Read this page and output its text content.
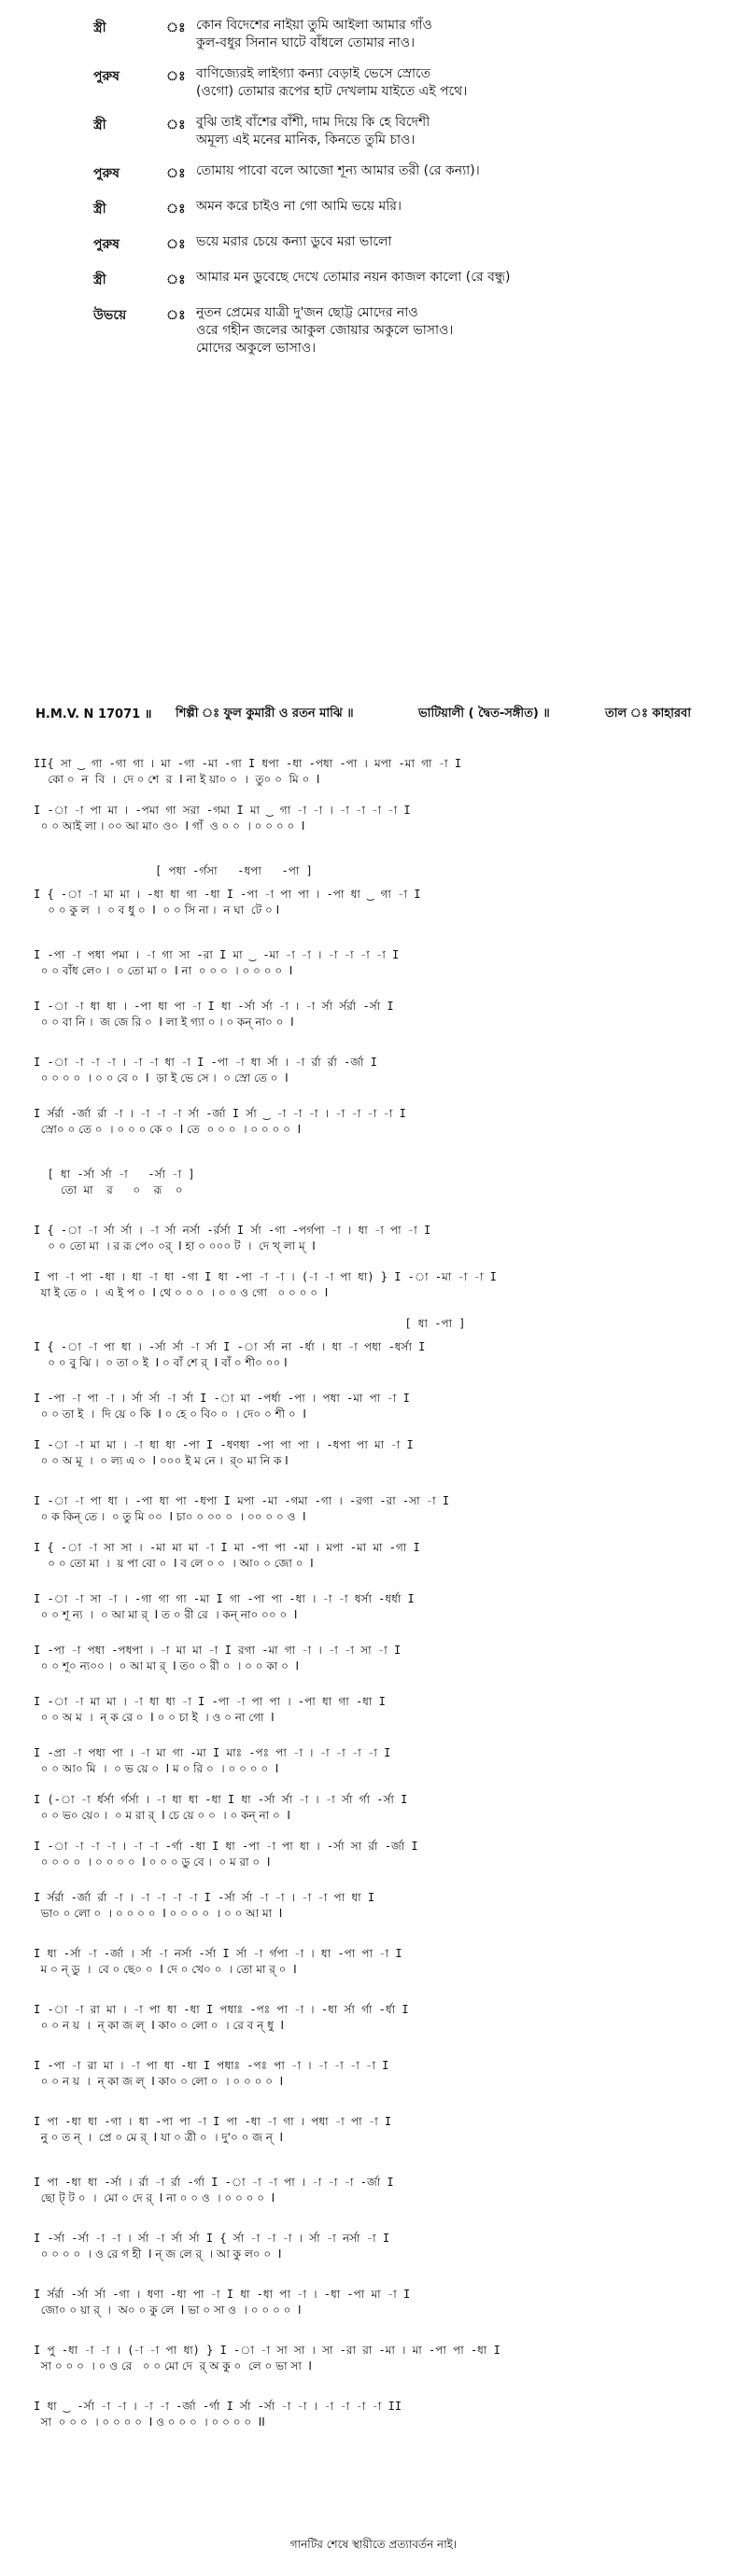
স্ত্রী	ঃ কোন বিদেশের নাইয়া তুমি আইলা আমার গাঁও
কুল-বধুর সিনান ঘাটে বাঁধলে তোমার নাও।
পুরুষ	ঃ বাণিজ্যেরই লাইগ্যা কন্যা বেড়াই ভেসে স্রোতে
(ওগো) তোমার রূপের হাট দেখলাম যাইতে এই পথে।
স্ত্রী	ঃ বুঝি তাই বাঁশের বাঁশী, দাম দিয়ে কি হে বিদেশী
অমূল্য এই মনের মানিক, কিনতে তুমি চাও।
পুরুষ	ঃ তোমায় পাবো বলে আজো শূন্য আমার তরী (রে কন্যা)।
স্ত্রী	ঃ অমন করে চাইও না গো আমি ভয়ে মরি।
পুরুষ	ঃ ভয়ে মরার চেয়ে কন্যা ডুবে মরা ভালো
স্ত্রী	ঃ আমার মন ডুবেছে দেখে তোমার নয়ন কাজল কালো (রে বন্ধু)
উভয়ে	ঃ নুতন প্রেমের যাত্রী দু'জন ছোট্ট মোদের নাও
ওরে গহীন জলের আকুল জোয়ার অকুলে ভাসাও।
মোদের অকুলে ভাসাও।
H.M.V. N 17071 ॥	শিল্পী ঃ ফুল কুমারী ও রতন মাঝি ॥	ভাটিয়ালী ( দ্বৈত-সঙ্গীত) ॥	তাল ঃ কাহারবা
II{ সা ‿ গা -গা গা । মা -গা -মা -গা I ধপা -ধা -পধা -পা । মপা -মা গা -া I
কো ০  ন  বি  ।  দে ০ শে  র  I না ই য়া০ ০  ।  তু০ ০  মি ০  I
I -া -া পা মা । -পমা গা সরা -গমা I মা ‿ গা -া -া । -া -া -া -া I
০ ০ আই লা । ০০ আ মা০ ও০  I গাঁ  ও ০ ০  । ০ ০ ০ ০  I
[ পধা -র্গসা   -ধপা   -পা ]
I { -া -া মা মা । -ধা ধা গা -ধা I -পা -া পা পা । -পা ধা ‿ গা -া I
০ ০ কু ল  ।  ০ ব ধু ০  I  ০ ০ সি না ।  ন ঘা  টে ০ I
I -পা -া পধা পমা । -া গা সা -রা I মা ‿ -মা -া -া । -া -া -া -া I
০ ০ বাঁধ লে০ ।  ০ তো মা ০  I না  ০ ০ ০  । ০ ০ ০ ০  I
I -া -া ধা ধা । -পা ধা পা -া I ধা -র্সা র্সা -া । -া র্সা র্সর্রা -র্সা I
০ ০ বা নি ।  জ জে রি ০  I লা ই গ্যা ০ । ০ কন্ না০ ০  I
I -া -া -া -া । -া -া ধা -া I -পা -া ধা র্সা । -া র্রা র্রা -র্জা I
০ ০ ০ ০  । ০ ০ বে ০  I  ড়া ই ভে সে ।  ০ স্রো তে ০  I
I র্সর্রা -র্জা র্রা -া । -া -া -া র্সা -র্জা I র্সা ‿ -া -া -া । -া -া -া -া I
স্রো০ ০ তে ০  । ০ ০ ০ কে ০  I তে  ০ ০ ০  । ০ ০ ০ ০  I
[ ধা -র্সা র্সা -া   -র্সা -া ]
তো মা  র   ০  রূ  ০
I { -া -া র্সা র্সা । -া র্সা নর্সা -র্রর্সা I র্সা -গা -পর্গপা -া । ধা -া পা -া I
০ ০ তো মা  । র রূ পে০ ০র্  I হা ০ ০০০ ট  ।  দে খ্ লা ম্  I
I পা -া পা -ধা । ধা -া ধা -গা I ধা -পা -া -া । (-া -া পা ধা) } I -া -মা -া -া I
যা ই তে ০  ।  এ ই প ০  I থে ০ ০ ০  । ০ ০ ও গো   ০ ০ ০ ০  I
[ ধা -পা ]
I { -া -া পা ধা । -র্সা র্সা -া র্সা I -া র্সা না -র্ধা । ধা -া পধা -ধর্সা I
০ ০ বু ঝি ।  ০ তা ০ ই  I ০ বাঁ শে র্  I বাঁ ০ শী০ ০০ I
I -পা -া পা -া । র্সা র্সা -া র্সা I -া মা -পর্ধা -পা । পধা -মা পা -া I
০ ০ তা ই  ।  দি য়ে ০ কি  I ০ হে ০ বি০ ০  । দে০ ০ শী ০  I
I -া -া মা মা । -া ধা ধা -পা I -ধণধা -পা পা পা । -ধপা পা মা -া I
০ ০ অ মূ  ।  ০ ল্য এ ০  I ০০০ ই ম নে ।  র্০ মা নি ক I
I -া -া পা ধা । -পা ধা পা -ধপা I মপা -মা -গমা -গা । -রগা -রা -সা -া I
০ ক কিন্ তে ।  ০ তু মি ০০  I চা০ ০ ০০ ০  । ০০ ০ ০ ও  I
I { -া -া সা সা । -মা মা মা -া I মা -পা পা -মা । মপা -মা মা -গা I
০ ০ তো মা  ।  য় পা বো ০  I ব লে ০ ০  । আ০ ০ জো ০  I
I -া -া সা -া । -গা গা গা -মা I গা -পা পা -ধা । -া -া ধর্সা -ধর্ধা I
০ ০ শূ ন্য  ।  ০ আ মা র্  I ত ০ রী রে  । কন্ না০ ০০ ০  I
I -পা -া পধা -পধপা । -া মা মা -া I রগা -মা গা -া । -া -া সা -া I
০ ০ শূ০ ন্য০০ ।  ০ আ মা র্  I ত০ ০ রী ০  । ০ ০ কা ০  I
I -া -া মা মা । -া ধা ধা -া I -পা -া পা পা । -পা ধা গা -ধা I
০ ০ অ ম  ।  ন্ ক রে ০  I ০ ০ চা ই  । ও ০ না গো  I
I -প্রা -া পধা পা । -া মা গা -মা I মাঃ -পঃ পা -া । -া -া -া -া I
০ ০ আ০ মি  ।  ০ ভ য়ে ০  I ম ০ রি ০  । ০ ০ ০ ০  I
I (-া -া র্ধর্সা র্গর্সা । -া ধা ধা -ধা I ধা -র্সা র্সা -া । -া র্সা র্গা -র্সা I
০ ০ ভ০ য়ে০ ।  ০ ম রা র্  I চে য়ে ০ ০  । ০ কন্ না ০  I
I -া -া -া -া । -া -া -র্গা -ধা I ধা -পা -া পা ধা । -র্সা সা র্রা -র্জা I
০ ০ ০ ০  । ০ ০ ০ ০  I ০ ০ ০ ডু বে ।  ০ ম রা ০  I
I র্সর্রা -র্জা র্রা -া । -া -া -া -া I -র্সা র্সা -া -া । -া -া পা ধা I
ভা০ ০ লো ০  । ০ ০ ০ ০  I ০ ০ ০ ০  । ০ ০ আ মা  I
I ধা -র্সা -া -র্জা । র্সা -া নর্সা -র্সা I র্সা -া র্গপা -া । ধা -পা পা -া I
ম ০ ন্ ডু  ।  বে ০ ছে০ ০  I দে ০ খে০ ০  । তো মা র্ ০  I
I -া -া রা মা । -া পা ধা -ধা I পধাঃ -পঃ পা -া । -ধা র্সা র্গা -র্ধা I
০ ০ ন য়  ।  ন্ কা জ ল্  I কা০ ০ লো ০  । রে ব ন্ ধু  I
I -পা -া রা মা । -া পা ধা -ধা I পধাঃ -পঃ পা -া । -া -া -া -া I
০ ০ ন য়  ।  ন্ কা জ ল্  I কা০ ০ লো ০  । ০ ০ ০ ০  I
I পা -ধা ধা -গা । ধা -পা পা -া I পা -ধা -া গা । পধা -া পা -া I
নু ০ ত ন্  ।  প্রে ০ মে র্  I যা ০ ত্রী ০  । দু'০ ০ জ ন্  I
I পা -ধা ধা -র্সা । র্রা -া র্রা -র্গা I -া -া -া পা । -া -া -া -র্জা I
ছো ট্ ট ০  ।  মো ০ দে র্  I না ০ ০ ও  । ০ ০ ০ ০  I
I -র্সা -র্সা -া -া । র্সা -া র্সা র্সা I { র্সা -া -া -া । র্সা -া নর্সা -া I
০ ০ ০ ০  । ও রে গ হী  I ন্ জ লে র্  । আ কু ল০ ০  I
I র্সর্রা -র্সা র্সা -গা । ধণা -ধা পা -া I ধা -ধা পা -া । -ধা -পা মা -া I
জো০ ০ য়া র্  ।  অ০ ০ কু লে  I ভা ০ সা ও  । ০ ০ ০ ০  I
I পু -ধা -া -া । (-া -া পা ধা) } I -া -া সা সা । সা -রা রা -মা । মা -পা পা -ধা I
সা ০ ০ ০  । ০ ও রে   ০ ০ মো দে  র্ অ কু ০  লে ০ ভা সা  I
I ধা ‿ -র্সা -া -া । -া -া -র্জা -র্গা I র্সা -র্সা -া -া । -া -া -া -া II
সা  ০ ০ ০  । ০ ০ ০ ০  I ও ০ ০ ০  । ০ ০ ০ ০  II
গানটির শেষে স্থায়ীতে প্রত্যাবর্তন নাই।
